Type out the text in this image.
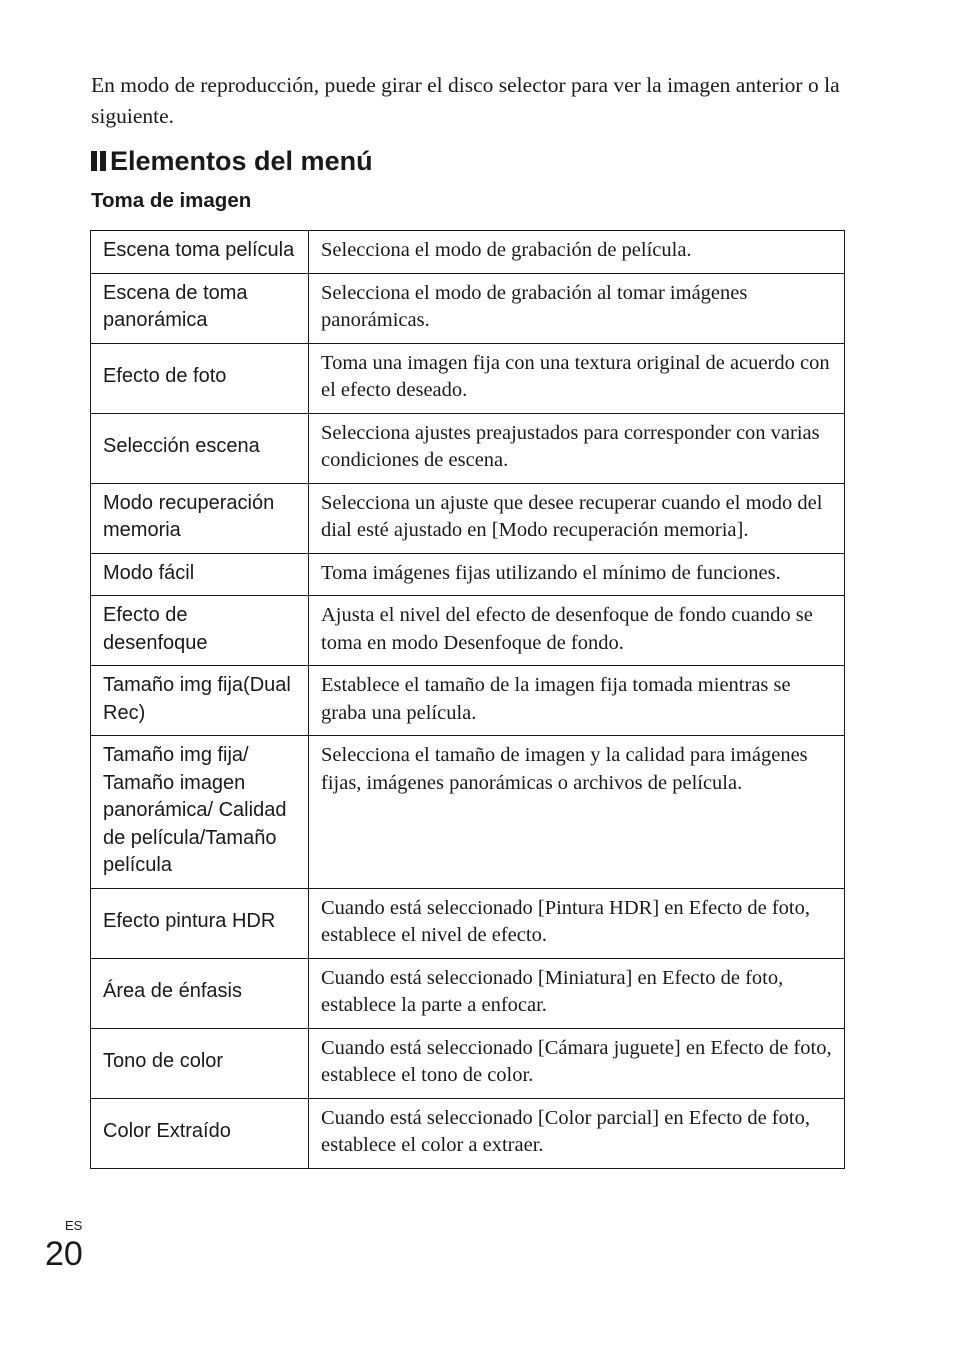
En modo de reproducción, puede girar el disco selector para ver la imagen anterior o la siguiente.

Elementos del menú
Toma de imagen
Escena toma película	Selecciona el modo de grabación de película.
Escena de toma panorámica	Selecciona el modo de grabación al tomar imágenes panorámicas.
Efecto de foto	Toma una imagen fija con una textura original de acuerdo con el efecto deseado.
Selección escena	Selecciona ajustes preajustados para corresponder con varias condiciones de escena.
Modo recuperación memoria	Selecciona un ajuste que desee recuperar cuando el modo del dial esté ajustado en [Modo recuperación memoria].
Modo fácil	Toma imágenes fijas utilizando el mínimo de funciones.
Efecto de desenfoque	Ajusta el nivel del efecto de desenfoque de fondo cuando se toma en modo Desenfoque de fondo.
Tamaño img fija(Dual Rec)	Establece el tamaño de la imagen fija tomada mientras se graba una película.
Tamaño img fija/ Tamaño imagen panorámica/ Calidad de película/Tamaño película	Selecciona el tamaño de imagen y la calidad para imágenes fijas, imágenes panorámicas o archivos de película.
Efecto pintura HDR	Cuando está seleccionado [Pintura HDR] en Efecto de foto, establece el nivel de efecto.
Área de énfasis	Cuando está seleccionado [Miniatura] en Efecto de foto, establece la parte a enfocar.
Tono de color	Cuando está seleccionado [Cámara juguete] en Efecto de foto, establece el tono de color.
Color Extraído	Cuando está seleccionado [Color parcial] en Efecto de foto, establece el color a extraer.
ES
20
